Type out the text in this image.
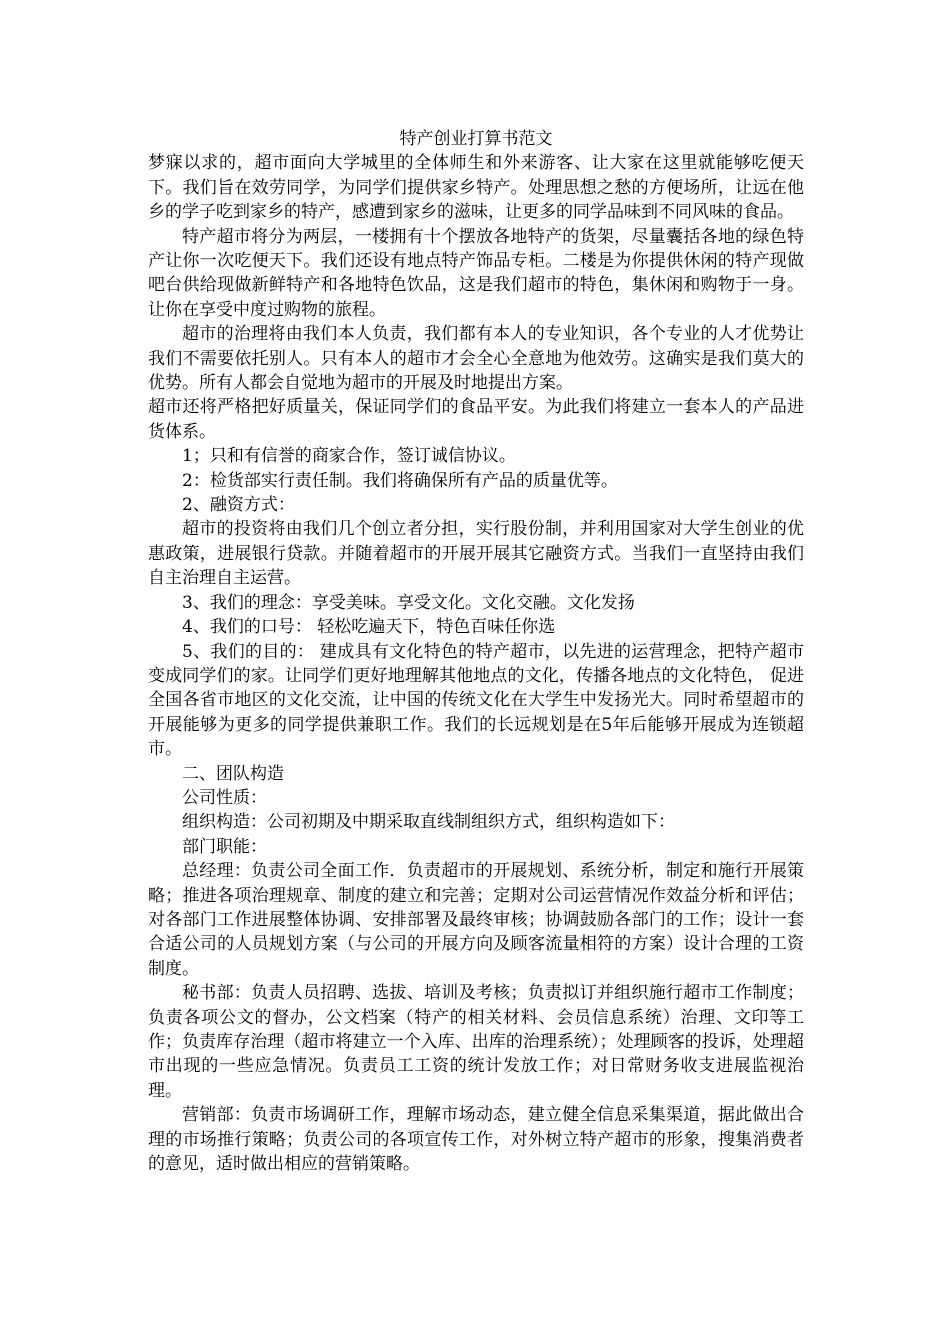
特产创业打算书范文

梦寐以求的，超市面向大学城里的全体师生和外来游客、让大家在这里就能够吃便天下。我们旨在效劳同学，为同学们提供家乡特产。处理思想之愁的方便场所，让远在他乡的学子吃到家乡的特产，感遭到家乡的滋味，让更多的同学品味到不同风味的食品。

特产超市将分为两层，一楼拥有十个摆放各地特产的货架，尽量囊括各地的绿色特产让你一次吃便天下。我们还设有地点特产饰品专柜。二楼是为你提供休闲的特产现做吧台供给现做新鲜特产和各地特色饮品，这是我们超市的特色，集休闲和购物于一身。让你在享受中度过购物的旅程。

超市的治理将由我们本人负责，我们都有本人的专业知识，各个专业的人才优势让我们不需要依托别人。只有本人的超市才会全心全意地为他效劳。这确实是我们莫大的优势。所有人都会自觉地为超市的开展及时地提出方案。

超市还将严格把好质量关，保证同学们的食品平安。为此我们将建立一套本人的产品进货体系。

1；只和有信誉的商家合作，签订诚信协议。

2：检货部实行责任制。我们将确保所有产品的质量优等。

2、融资方式：

超市的投资将由我们几个创立者分担，实行股份制，并利用国家对大学生创业的优惠政策，进展银行贷款。并随着超市的开展开展其它融资方式。当我们一直坚持由我们自主治理自主运营。

3、我们的理念：享受美味。享受文化。文化交融。文化发扬

4、我们的口号： 轻松吃遍天下，特色百味任你选

5、我们的目的： 建成具有文化特色的特产超市，以先进的运营理念，把特产超市变成同学们的家。让同学们更好地理解其他地点的文化，传播各地点的文化特色， 促进全国各省市地区的文化交流，让中国的传统文化在大学生中发扬光大。同时希望超市的开展能够为更多的同学提供兼职工作。我们的长远规划是在5年后能够开展成为连锁超市。

二、团队构造

公司性质：

组织构造：公司初期及中期采取直线制组织方式，组织构造如下：

部门职能：

总经理：负责公司全面工作．负责超市的开展规划、系统分析，制定和施行开展策略；推进各项治理规章、制度的建立和完善；定期对公司运营情况作效益分析和评估；对各部门工作进展整体协调、安排部署及最终审核；协调鼓励各部门的工作；设计一套合适公司的人员规划方案（与公司的开展方向及顾客流量相符的方案）设计合理的工资制度。

秘书部：负责人员招聘、选拔、培训及考核；负责拟订并组织施行超市工作制度；负责各项公文的督办，公文档案（特产的相关材料、会员信息系统）治理、文印等工作；负责库存治理（超市将建立一个入库、出库的治理系统）；处理顾客的投诉，处理超市出现的一些应急情况。负责员工工资的统计发放工作；对日常财务收支进展监视治理。

营销部：负责市场调研工作，理解市场动态，建立健全信息采集渠道，据此做出合理的市场推行策略；负责公司的各项宣传工作，对外树立特产超市的形象，搜集消费者的意见，适时做出相应的营销策略。
